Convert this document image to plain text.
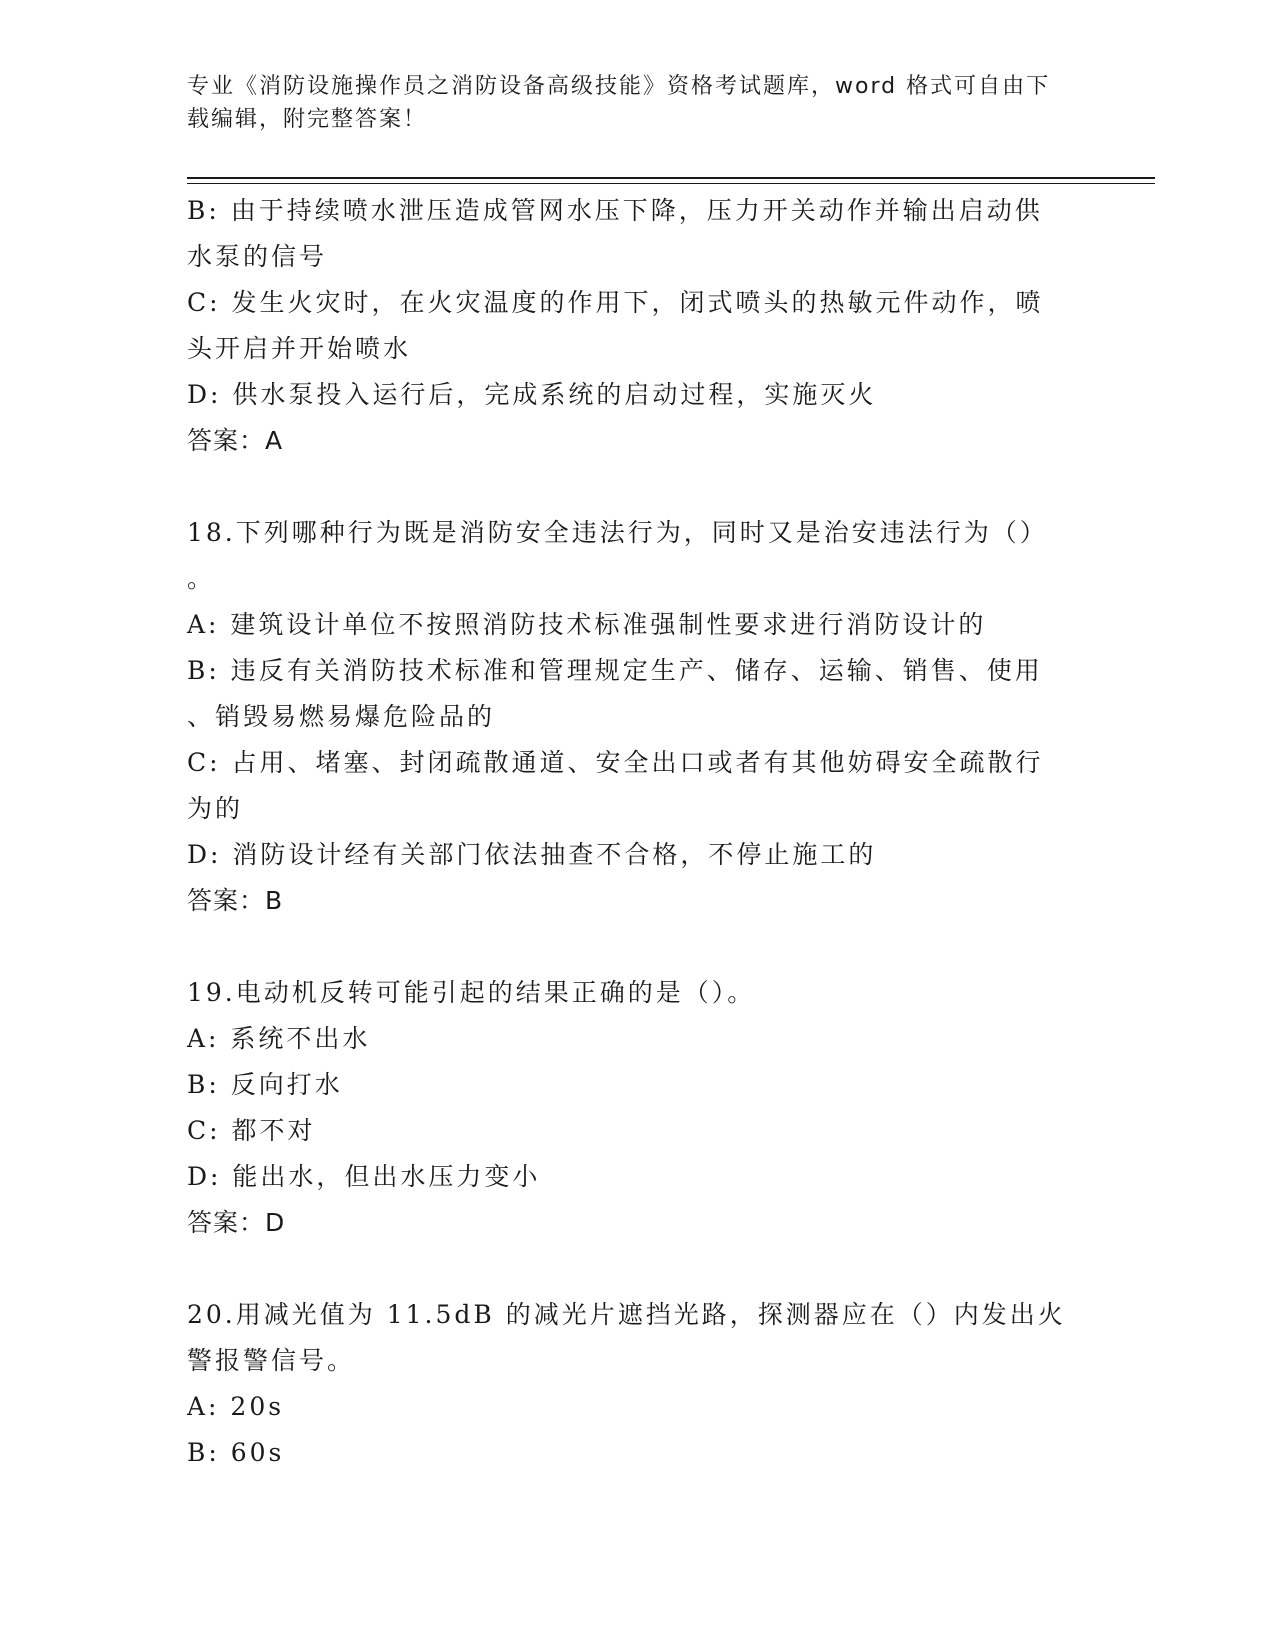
专业《消防设施操作员之消防设备高级技能》资格考试题库，word 格式可自由下载编辑，附完整答案！

B: 由于持续喷水泄压造成管网水压下降，压力开关动作并输出启动供

水泵的信号

C: 发生火灾时，在火灾温度的作用下，闭式喷头的热敏元件动作，喷

头开启并开始喷水

D: 供水泵投入运行后，完成系统的启动过程，实施灭火

答案：A

18.下列哪种行为既是消防安全违法行为，同时又是治安违法行为（）

。

A: 建筑设计单位不按照消防技术标准强制性要求进行消防设计的

B: 违反有关消防技术标准和管理规定生产、储存、运输、销售、使用

、销毁易燃易爆危险品的

C: 占用、堵塞、封闭疏散通道、安全出口或者有其他妨碍安全疏散行

为的

D: 消防设计经有关部门依法抽查不合格，不停止施工的

答案：B

19.电动机反转可能引起的结果正确的是（）。

A: 系统不出水

B: 反向打水

C: 都不对

D: 能出水，但出水压力变小

答案：D

20.用减光值为 11.5dB 的减光片遮挡光路，探测器应在（）内发出火

警报警信号。

A: 20s

B: 60s
